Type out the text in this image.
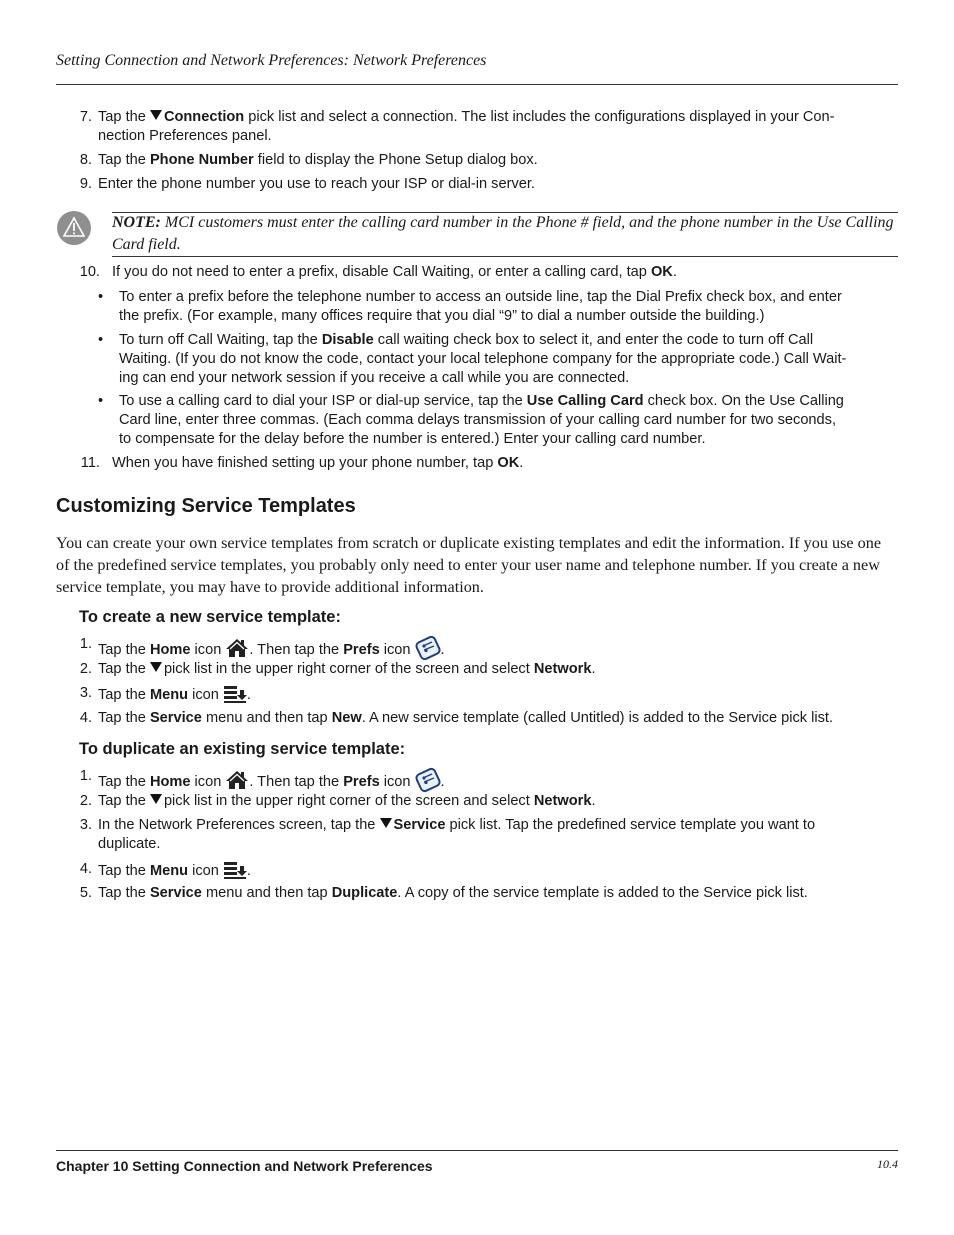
Setting Connection and Network Preferences: Network Preferences
7. Tap the Connection pick list and select a connection. The list includes the configurations displayed in your Con-
nection Preferences panel.
8. Tap the Phone Number field to display the Phone Setup dialog box.
9. Enter the phone number you use to reach your ISP or dial-in server.
NOTE: MCI customers must enter the calling card number in the Phone # field, and the phone number in the Use Calling
Card field.
10. If you do not need to enter a prefix, disable Call Waiting, or enter a calling card, tap OK.
• To enter a prefix before the telephone number to access an outside line, tap the Dial Prefix check box, and enter
the prefix. (For example, many offices require that you dial “9” to dial a number outside the building.)
• To turn off Call Waiting, tap the Disable call waiting check box to select it, and enter the code to turn off Call
Waiting. (If you do not know the code, contact your local telephone company for the appropriate code.) Call Wait-
ing can end your network session if you receive a call while you are connected.
• To use a calling card to dial your ISP or dial-up service, tap the Use Calling Card check box. On the Use Calling
Card line, enter three commas. (Each comma delays transmission of your calling card number for two seconds,
to compensate for the delay before the number is entered.) Enter your calling card number.
11. When you have finished setting up your phone number, tap OK.
Customizing Service Templates
You can create your own service templates from scratch or duplicate existing templates and edit the information. If you use one of the predefined service templates, you probably only need to enter your user name and telephone number. If you create a new service template, you may have to provide additional information.
To create a new service template:
1. Tap the Home icon . Then tap the Prefs icon .
2. Tap the pick list in the upper right corner of the screen and select Network.
3. Tap the Menu icon .
4. Tap the Service menu and then tap New. A new service template (called Untitled) is added to the Service pick list.
To duplicate an existing service template:
1. Tap the Home icon . Then tap the Prefs icon .
2. Tap the pick list in the upper right corner of the screen and select Network.
3. In the Network Preferences screen, tap the Service pick list. Tap the predefined service template you want to
duplicate.
4. Tap the Menu icon .
5. Tap the Service menu and then tap Duplicate. A copy of the service template is added to the Service pick list.
Chapter 10 Setting Connection and Network Preferences	10.4
